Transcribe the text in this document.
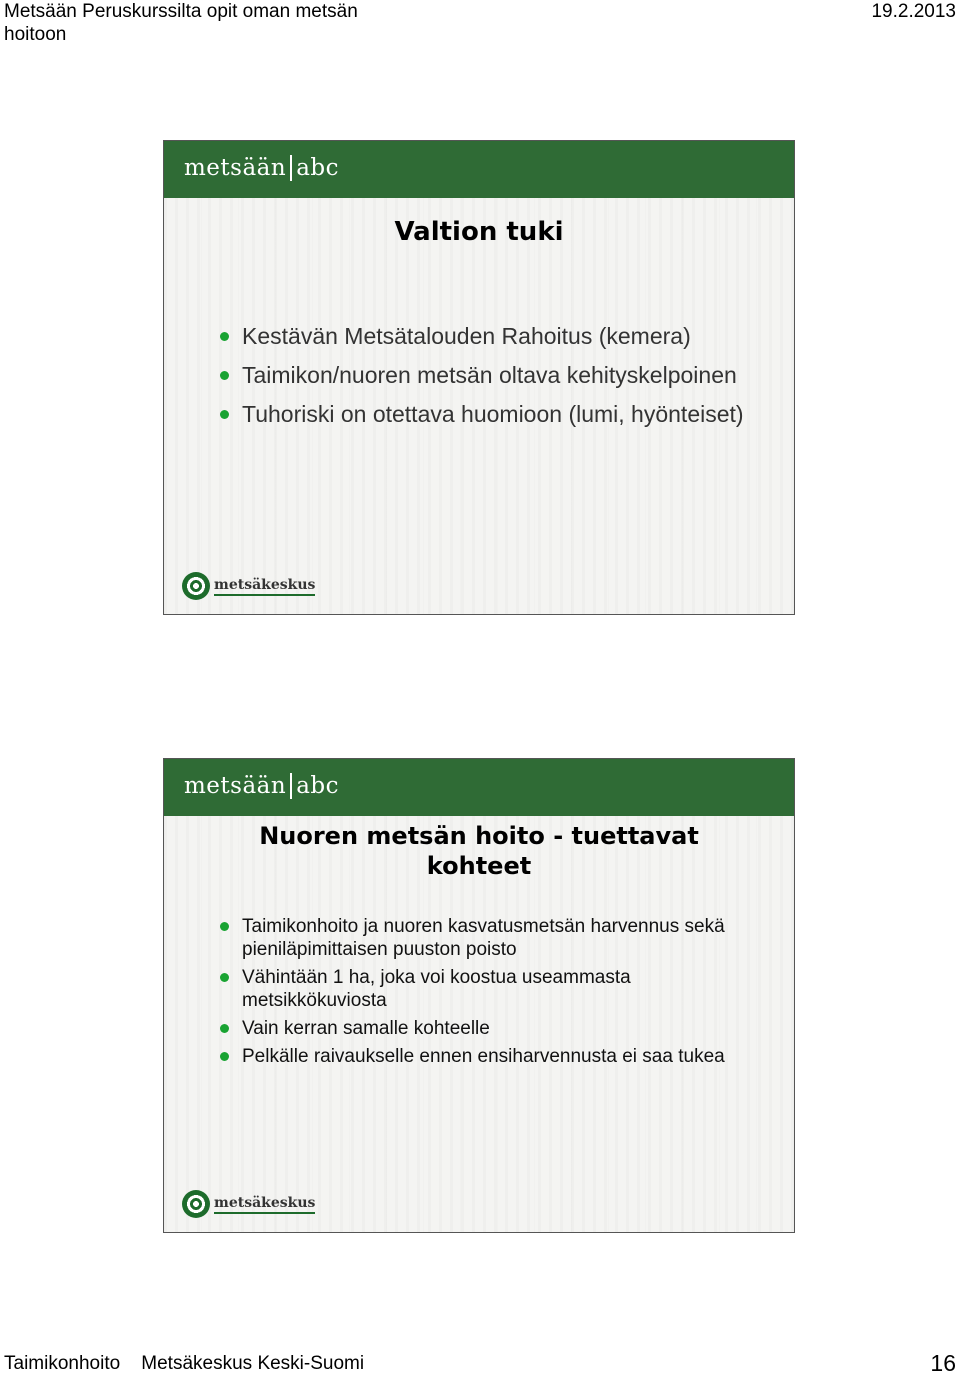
Metsään Peruskurssilta opit oman metsän hoitoon
19.2.2013
metsään abc
Valtion tuki
Kestävän Metsätalouden Rahoitus (kemera)
Taimikon/nuoren metsän oltava kehityskelpoinen
Tuhoriski on otettava huomioon (lumi, hyönteiset)
metsäkeskus
metsään abc
Nuoren metsän hoito - tuettavat kohteet
Taimikonhoito ja nuoren kasvatusmetsän harvennus sekä pieniläpimittaisen puuston poisto
Vähintään 1 ha, joka voi koostua useammasta metsikkökuviosta
Vain kerran samalle kohteelle
Pelkälle raivaukselle ennen ensiharvennusta ei saa tukea
metsäkeskus
Taimikonhoito    Metsäkeskus Keski-Suomi	16
